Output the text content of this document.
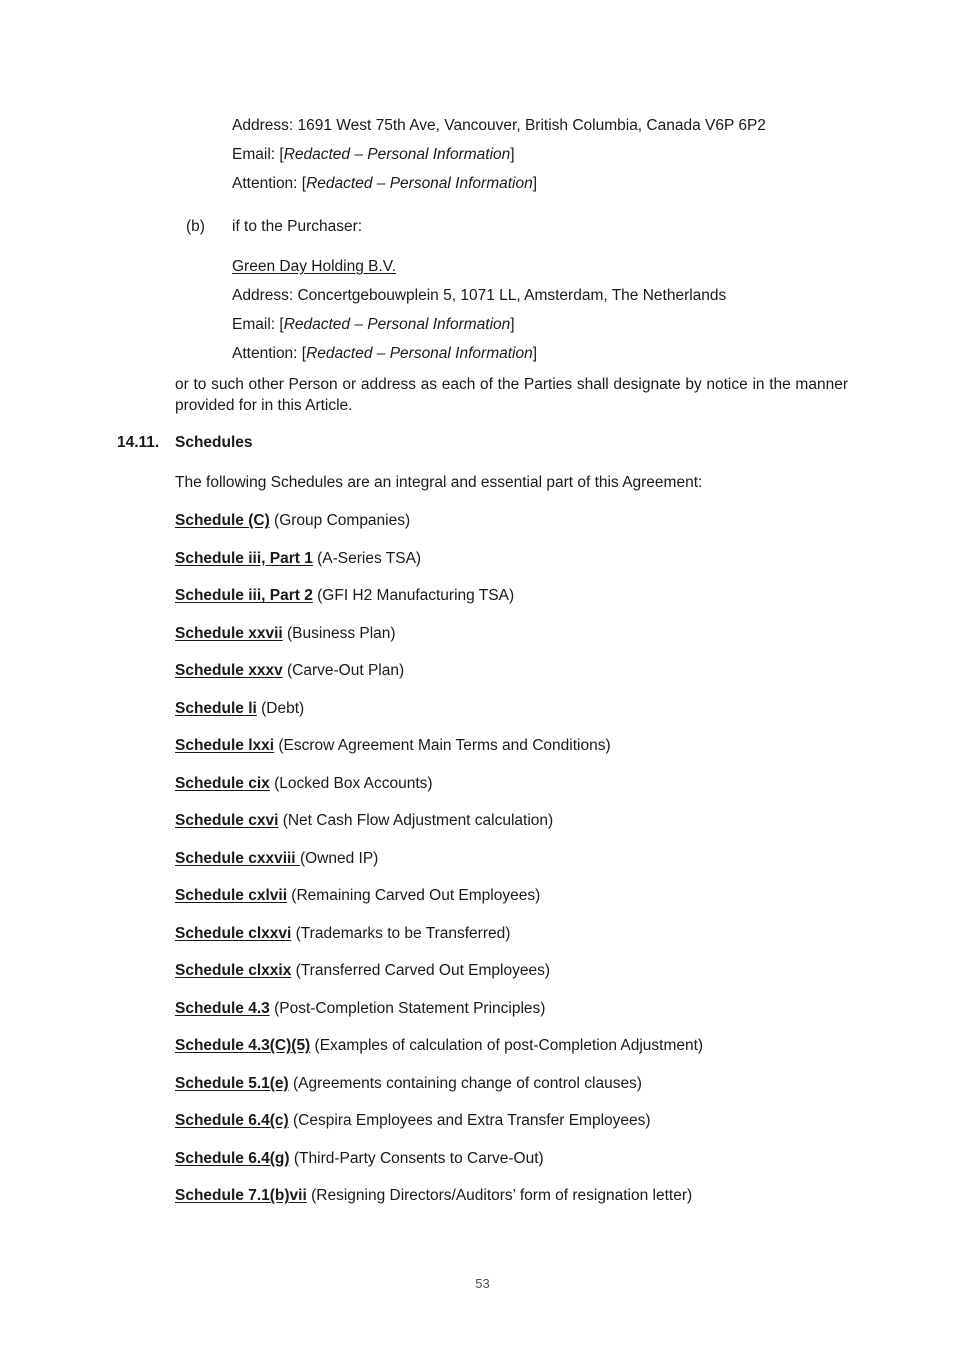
Address: 1691 West 75th Ave, Vancouver, British Columbia, Canada V6P 6P2

Email: [Redacted – Personal Information]

Attention: [Redacted – Personal Information]

(b)	if to the Purchaser:

Green Day Holding B.V.

Address: Concertgebouwplein 5, 1071 LL, Amsterdam, The Netherlands

Email: [Redacted – Personal Information]

Attention: [Redacted – Personal Information]

or to such other Person or address as each of the Parties shall designate by notice in the manner provided for in this Article.

14.11.	Schedules

The following Schedules are an integral and essential part of this Agreement:

Schedule (C) (Group Companies)

Schedule iii, Part 1 (A-Series TSA)

Schedule iii, Part 2 (GFI H2 Manufacturing TSA)

Schedule xxvii (Business Plan)

Schedule xxxv (Carve-Out Plan)

Schedule li (Debt)

Schedule lxxi (Escrow Agreement Main Terms and Conditions)

Schedule cix (Locked Box Accounts)

Schedule cxvi (Net Cash Flow Adjustment calculation)

Schedule cxxviii (Owned IP)

Schedule cxlvii (Remaining Carved Out Employees)

Schedule clxxvi (Trademarks to be Transferred)

Schedule clxxix (Transferred Carved Out Employees)

Schedule 4.3 (Post-Completion Statement Principles)

Schedule 4.3(C)(5) (Examples of calculation of post-Completion Adjustment)

Schedule 5.1(e) (Agreements containing change of control clauses)

Schedule 6.4(c) (Cespira Employees and Extra Transfer Employees)

Schedule 6.4(g) (Third-Party Consents to Carve-Out)

Schedule 7.1(b)vii (Resigning Directors/Auditors’ form of resignation letter)

53
